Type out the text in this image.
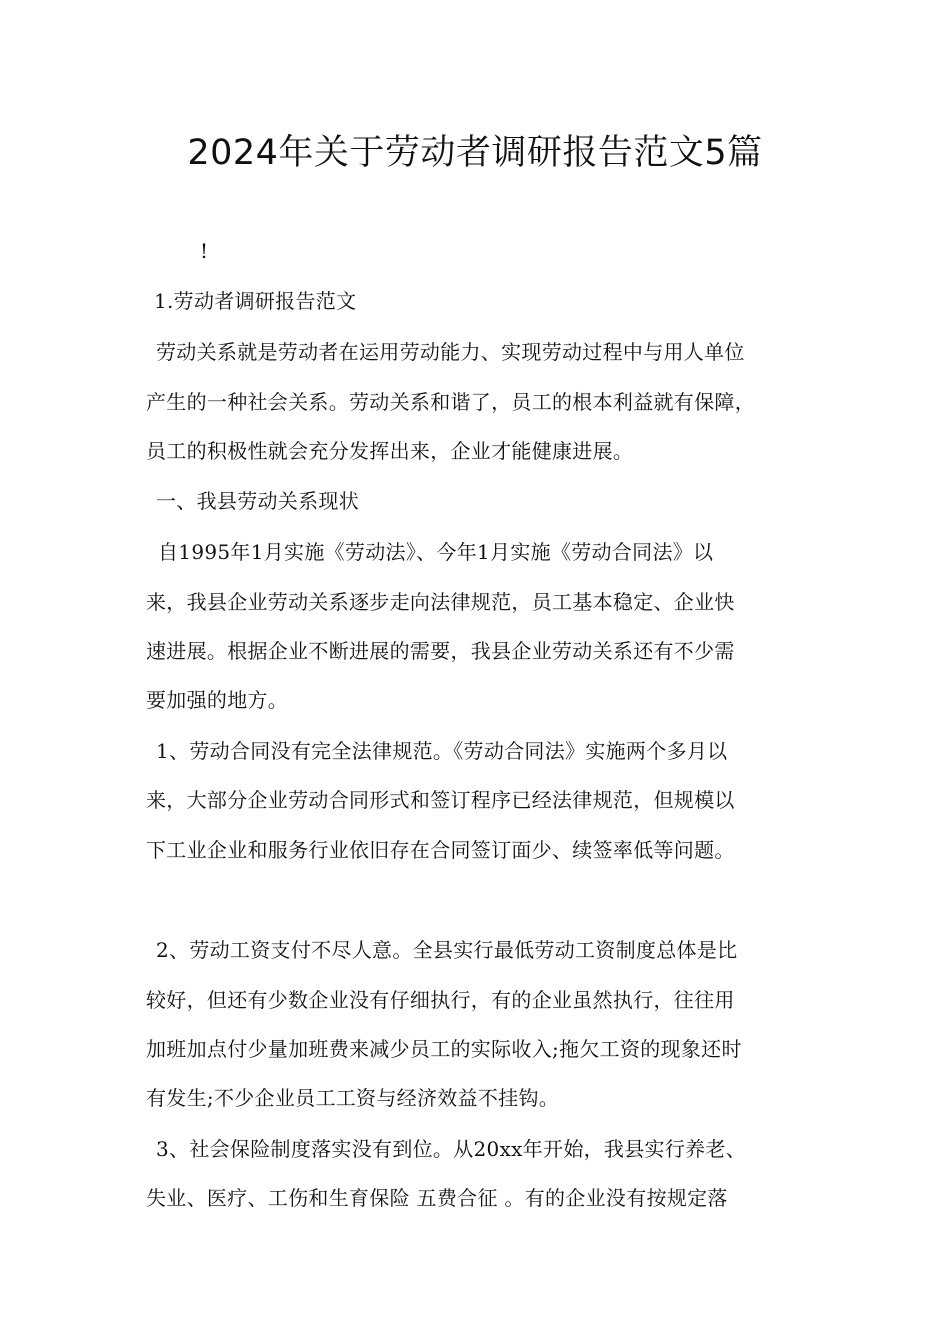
2024年关于劳动者调研报告范文5篇
!
1.劳动者调研报告范文
劳动关系就是劳动者在运用劳动能力、实现劳动过程中与用人单位
产生的一种社会关系。劳动关系和谐了，员工的根本利益就有保障，
员工的积极性就会充分发挥出来，企业才能健康进展。
一、我县劳动关系现状
自1995年1月实施《劳动法》、今年1月实施《劳动合同法》以
来，我县企业劳动关系逐步走向法律规范，员工基本稳定、企业快
速进展。根据企业不断进展的需要，我县企业劳动关系还有不少需
要加强的地方。
1、劳动合同没有完全法律规范。《劳动合同法》实施两个多月以
来，大部分企业劳动合同形式和签订程序已经法律规范，但规模以
下工业企业和服务行业依旧存在合同签订面少、续签率低等问题。
2、劳动工资支付不尽人意。全县实行最低劳动工资制度总体是比
较好，但还有少数企业没有仔细执行，有的企业虽然执行，往往用
加班加点付少量加班费来减少员工的实际收入;拖欠工资的现象还时
有发生;不少企业员工工资与经济效益不挂钩。
3、社会保险制度落实没有到位。从20xx年开始，我县实行养老、
失业、医疗、工伤和生育保险 五费合征 。有的企业没有按规定落
